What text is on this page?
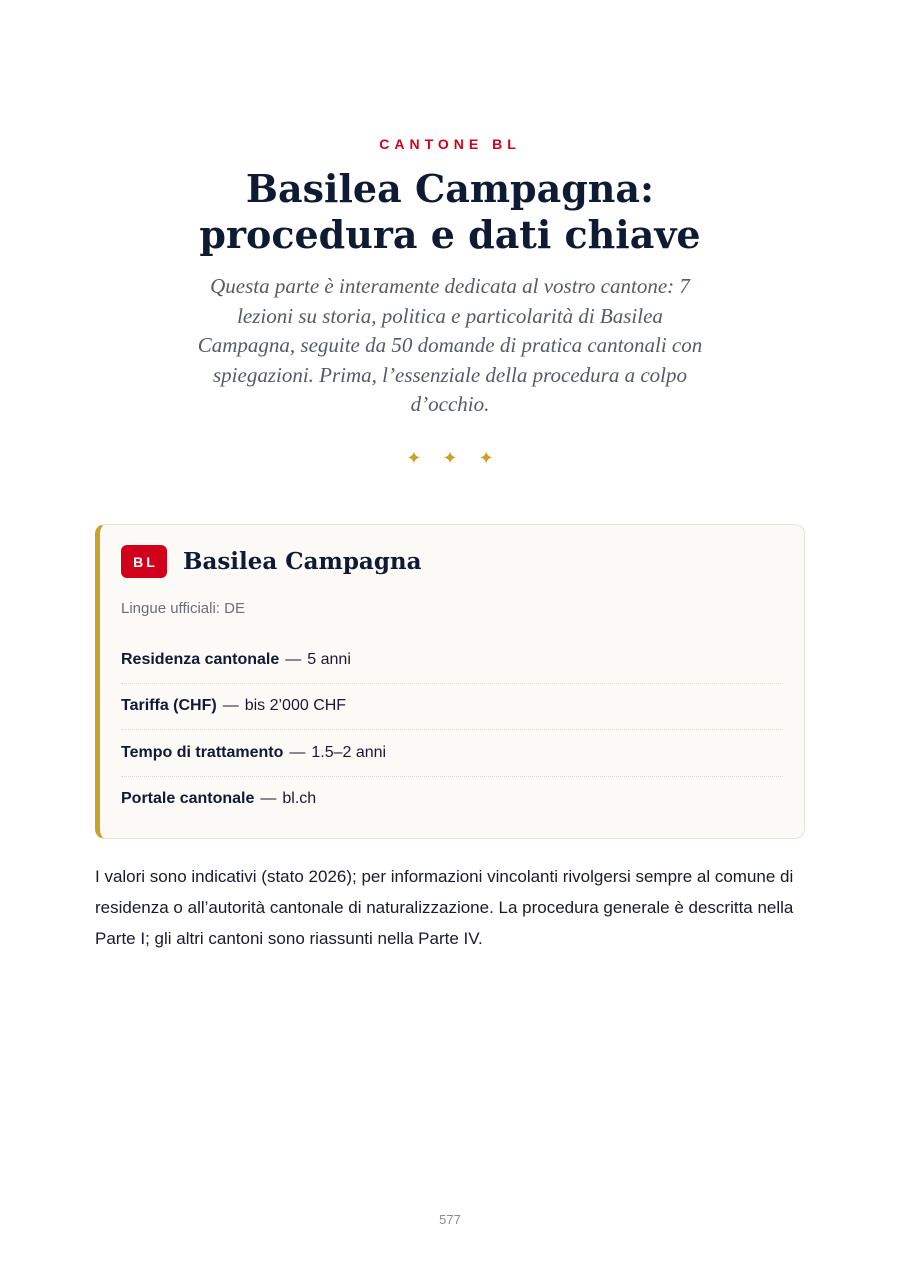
CANTONE BL
Basilea Campagna:
procedura e dati chiave

Questa parte è interamente dedicata al vostro cantone: 7 lezioni su storia, politica e particolarità di Basilea Campagna, seguite da 50 domande di pratica cantonali con spiegazioni. Prima, l’essenziale della procedura a colpo d’occhio.

✦ ✦ ✦
BL	Basilea Campagna
Lingue ufficiali: DE
Residenza cantonale — 5 anni
Tariffa (CHF) — bis 2’000 CHF
Tempo di trattamento — 1.5–2 anni
Portale cantonale — bl.ch

I valori sono indicativi (stato 2026); per informazioni vincolanti rivolgersi sempre al comune di residenza o all’autorità cantonale di naturalizzazione. La procedura generale è descritta nella Parte I; gli altri cantoni sono riassunti nella Parte IV.

577
